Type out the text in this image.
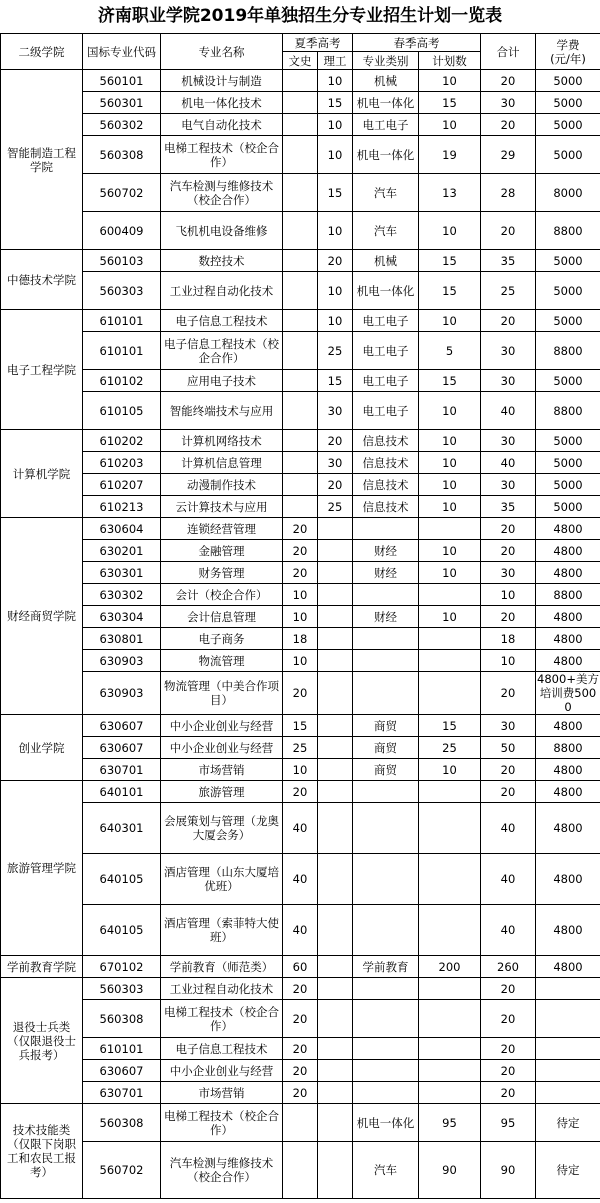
济南职业学院2019年单独招生分专业招生计划一览表
二级学院	国标专业代码	专业名称	夏季高考		春季高考		合计	学费
(元/年)
			文史	理工	专业类别	计划数		
智能制造工程学院	560101	机械设计与制造		10	机械	10	20	5000
	560301	机电一体化技术		15	机电一体化	15	30	5000
	560302	电气自动化技术		10	电工电子	10	20	5000
	560308	电梯工程技术（校企合作）		10	机电一体化	19	29	5000
	560702	汽车检测与维修技术（校企合作）		15	汽车	13	28	8000
	600409	飞机机电设备维修		10	汽车	10	20	8800
中德技术学院	560103	数控技术		20	机械	15	35	5000
	560303	工业过程自动化技术		10	机电一体化	15	25	5000
电子工程学院	610101	电子信息工程技术		10	电工电子	10	20	5000
	610101	电子信息工程技术（校企合作）		25	电工电子	5	30	8800
	610102	应用电子技术		15	电工电子	15	30	5000
	610105	智能终端技术与应用		30	电工电子	10	40	8800
计算机学院	610202	计算机网络技术		20	信息技术	10	30	5000
	610203	计算机信息管理		30	信息技术	10	40	5000
	610207	动漫制作技术		20	信息技术	10	30	5000
	610213	云计算技术与应用		25	信息技术	10	35	5000
财经商贸学院	630604	连锁经营管理	20				20	4800
	630201	金融管理	20		财经	10	20	4800
	630301	财务管理	20		财经	10	30	4800
	630302	会计（校企合作）	10				10	8800
	630304	会计信息管理	10		财经	10	20	4800
	630801	电子商务	18				18	4800
	630903	物流管理	10				10	4800
	630903	物流管理（中美合作项目）	20				20	4800+美方培训费5000
创业学院	630607	中小企业创业与经营	15		商贸	15	30	4800
	630607	中小企业创业与经营	25		商贸	25	50	8800
	630701	市场营销	10		商贸	10	20	4800
旅游管理学院	640101	旅游管理	20				20	4800
	640301	会展策划与管理（龙奥大厦会务）	40				40	4800
	640105	酒店管理（山东大厦培优班）	40				40	4800
	640105	酒店管理（索菲特大使班）	40				40	4800
学前教育学院	670102	学前教育（师范类）	60		学前教育	200	260	4800
退役士兵类（仅限退役士兵报考）	560303	工业过程自动化技术	20				20	
	560308	电梯工程技术（校企合作）	20				20	
	610101	电子信息工程技术	20				20	
	630607	中小企业创业与经营	20				20	
	630701	市场营销	20				20	
技术技能类（仅限下岗职工和农民工报考）	560308	电梯工程技术（校企合作）			机电一体化	95	95	待定
	560702	汽车检测与维修技术（校企合作）			汽车	90	90	待定
